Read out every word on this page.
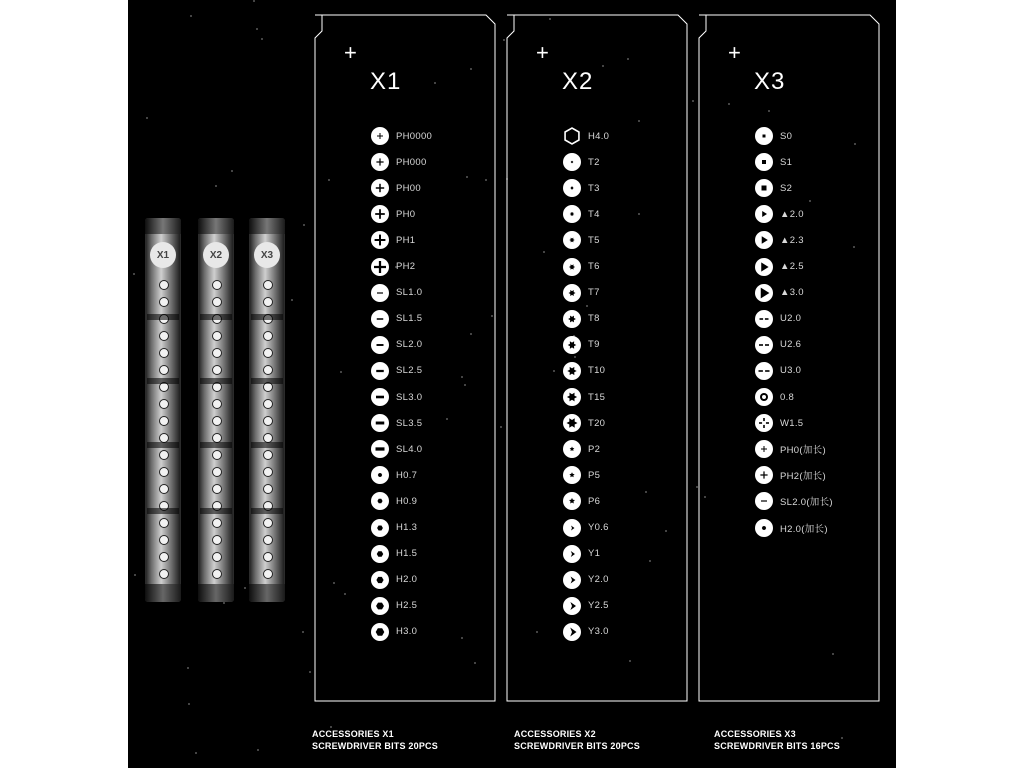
X1	X2	X3
+
X1
PH0000
PH000
PH00
PH0
PH1
PH2
SL1.0
SL1.5
SL2.0
SL2.5
SL3.0
SL3.5
SL4.0
H0.7
H0.9
H1.3
H1.5
H2.0
H2.5
H3.0
+
X2
H4.0
T2
T3
T4
T5
T6
T7
T8
T9
T10
T15
T20
P2
P5
P6
Y0.6
Y1
Y2.0
Y2.5
Y3.0
+
X3
S0
S1
S2
▲2.0
▲2.3
▲2.5
▲3.0
U2.0
U2.6
U3.0
0.8
W1.5
PH0(加长)
PH2(加长)
SL2.0(加长)
H2.0(加长)
ACCESSORIES X1
SCREWDRIVER BITS 20PCS
ACCESSORIES X2
SCREWDRIVER BITS 20PCS
ACCESSORIES X3
SCREWDRIVER BITS 16PCS
